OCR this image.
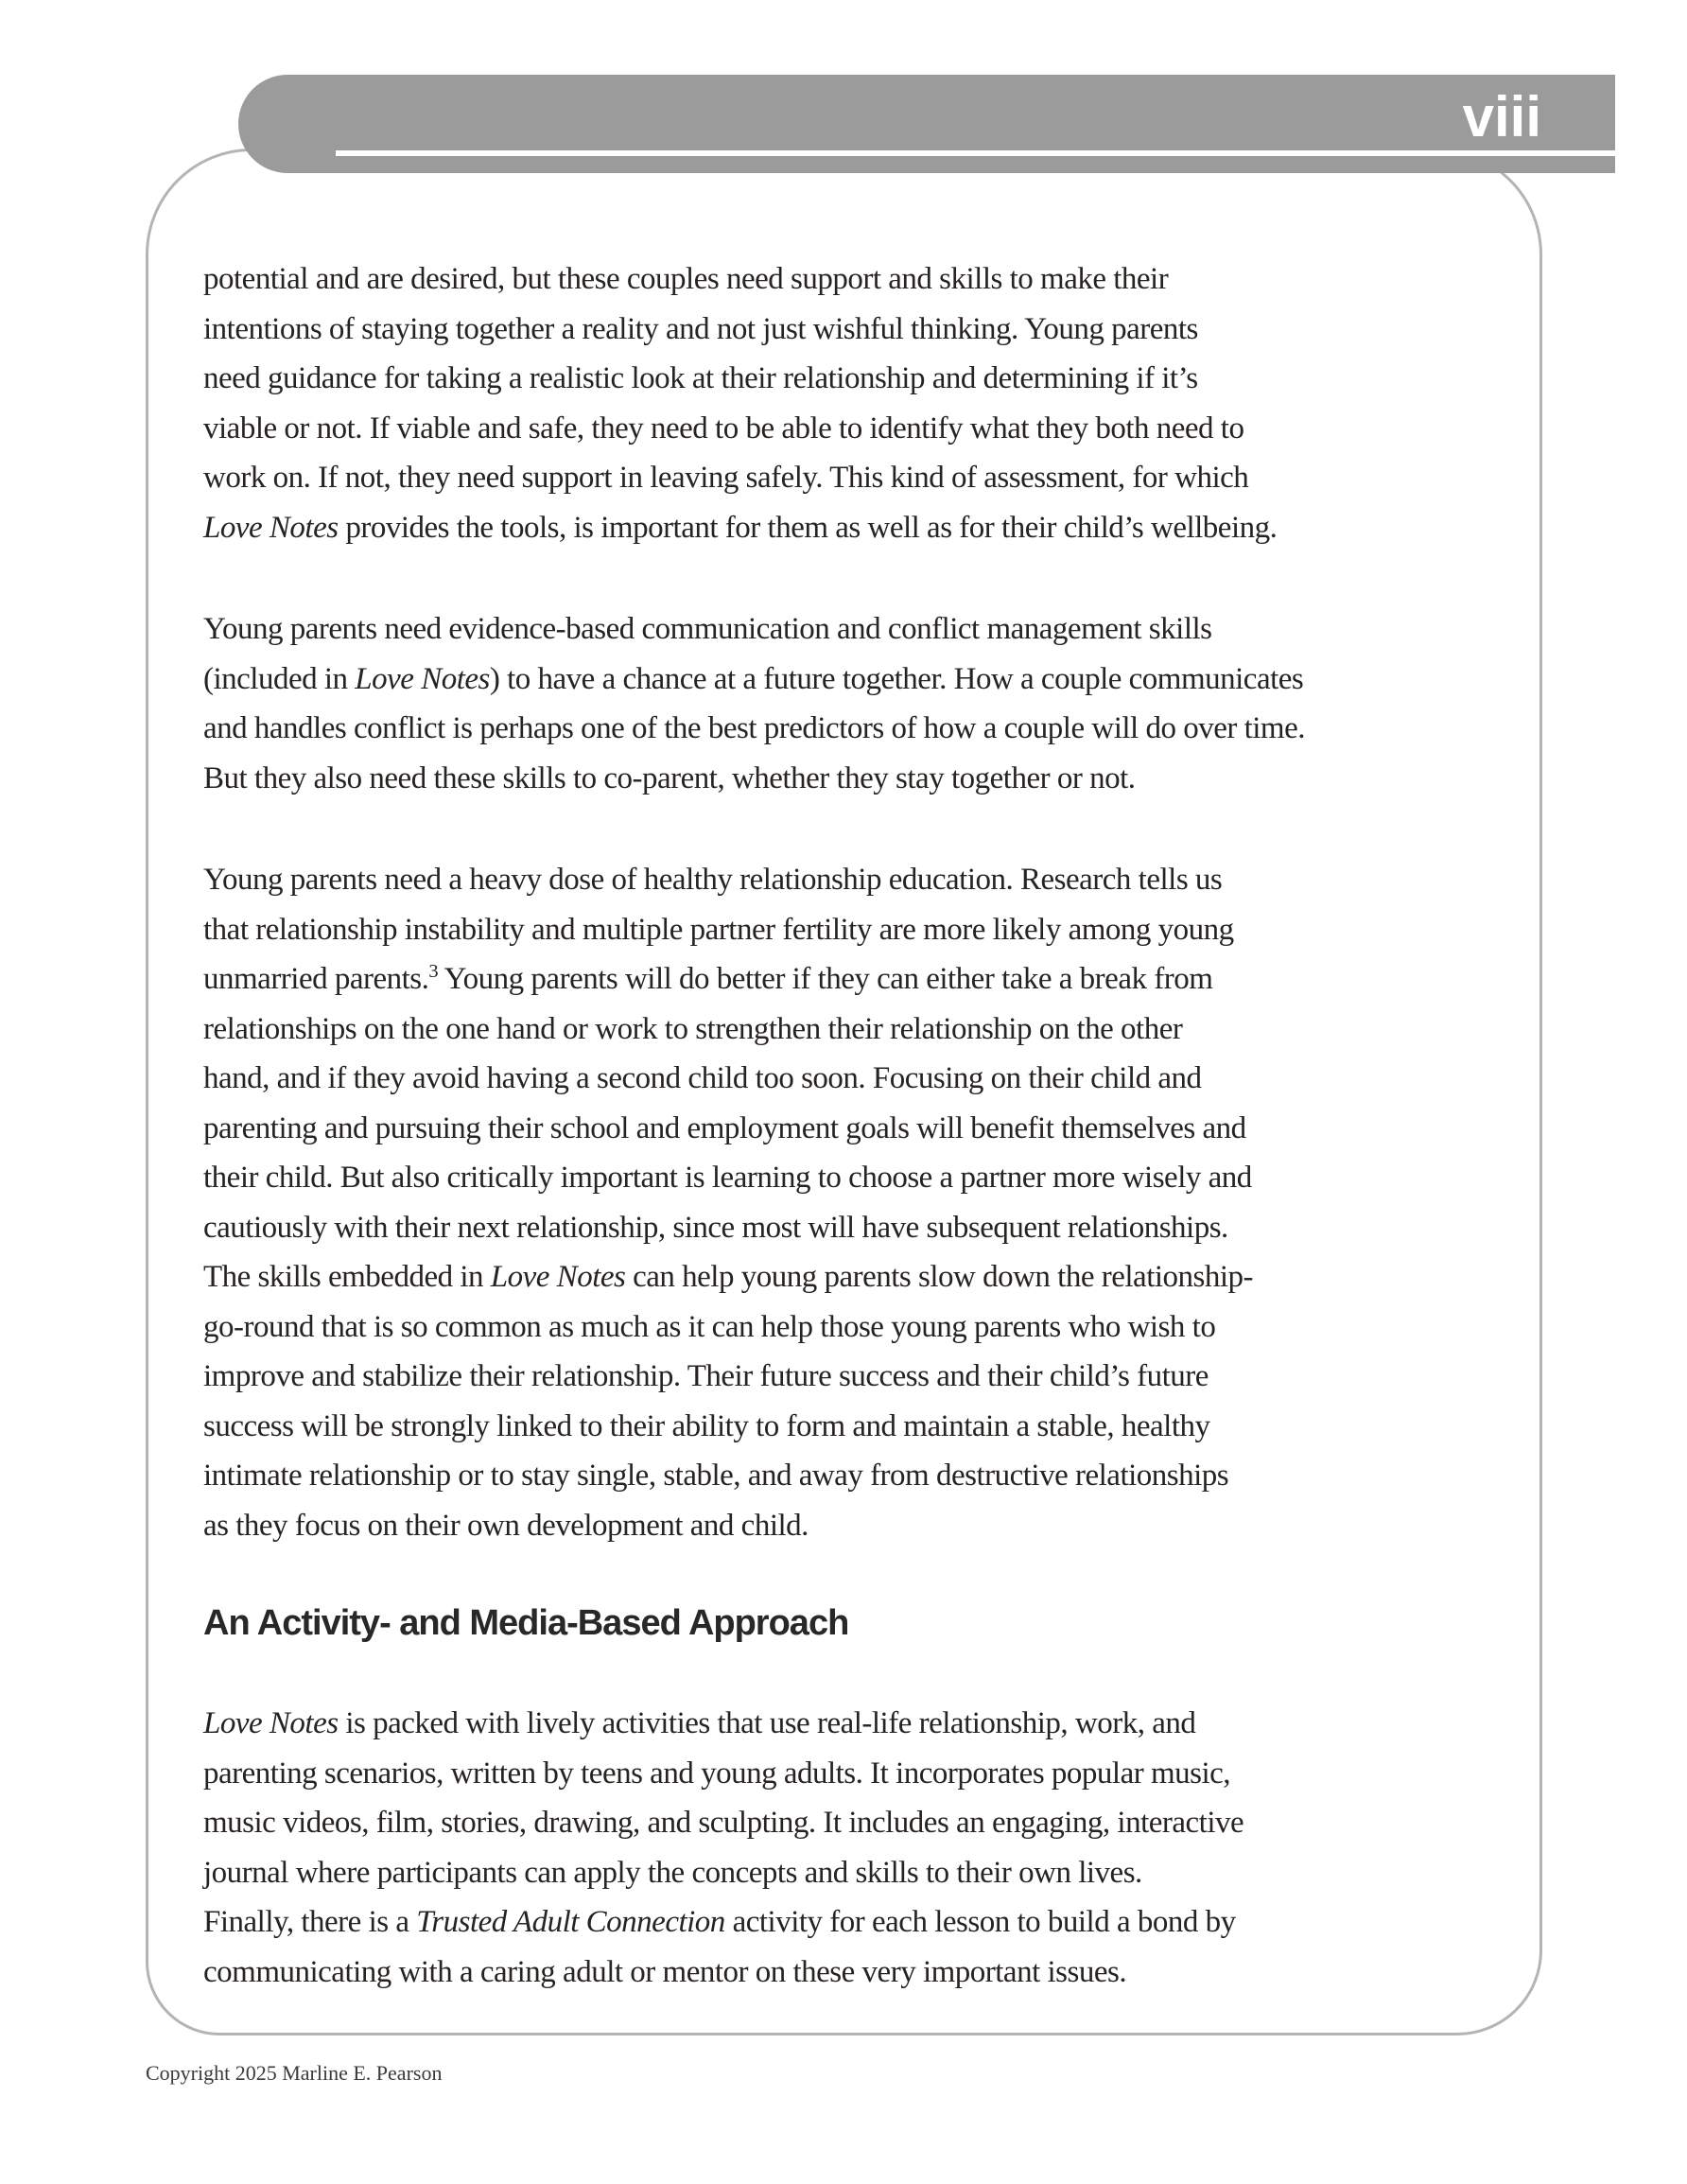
viii
potential and are desired, but these couples need support and skills to make their
intentions of staying together a reality and not just wishful thinking. Young parents
need guidance for taking a realistic look at their relationship and determining if it’s
viable or not. If viable and safe, they need to be able to identify what they both need to
work on. If not, they need support in leaving safely. This kind of assessment, for which
Love Notes provides the tools, is important for them as well as for their child’s wellbeing.
Young parents need evidence-based communication and conflict management skills
(included in Love Notes) to have a chance at a future together. How a couple communicates
and handles conflict is perhaps one of the best predictors of how a couple will do over time.
But they also need these skills to co-parent, whether they stay together or not.
Young parents need a heavy dose of healthy relationship education. Research tells us
that relationship instability and multiple partner fertility are more likely among young
unmarried parents.$^3$ Young parents will do better if they can either take a break from
relationships on the one hand or work to strengthen their relationship on the other
hand, and if they avoid having a second child too soon. Focusing on their child and
parenting and pursuing their school and employment goals will benefit themselves and
their child. But also critically important is learning to choose a partner more wisely and
cautiously with their next relationship, since most will have subsequent relationships.
The skills embedded in Love Notes can help young parents slow down the relationship-
go-round that is so common as much as it can help those young parents who wish to
improve and stabilize their relationship. Their future success and their child’s future
success will be strongly linked to their ability to form and maintain a stable, healthy
intimate relationship or to stay single, stable, and away from destructive relationships
as they focus on their own development and child.
An Activity- and Media-Based Approach
Love Notes is packed with lively activities that use real-life relationship, work, and
parenting scenarios, written by teens and young adults. It incorporates popular music,
music videos, film, stories, drawing, and sculpting. It includes an engaging, interactive
journal where participants can apply the concepts and skills to their own lives.
Finally, there is a Trusted Adult Connection activity for each lesson to build a bond by
communicating with a caring adult or mentor on these very important issues.
Copyright 2025 Marline E. Pearson
